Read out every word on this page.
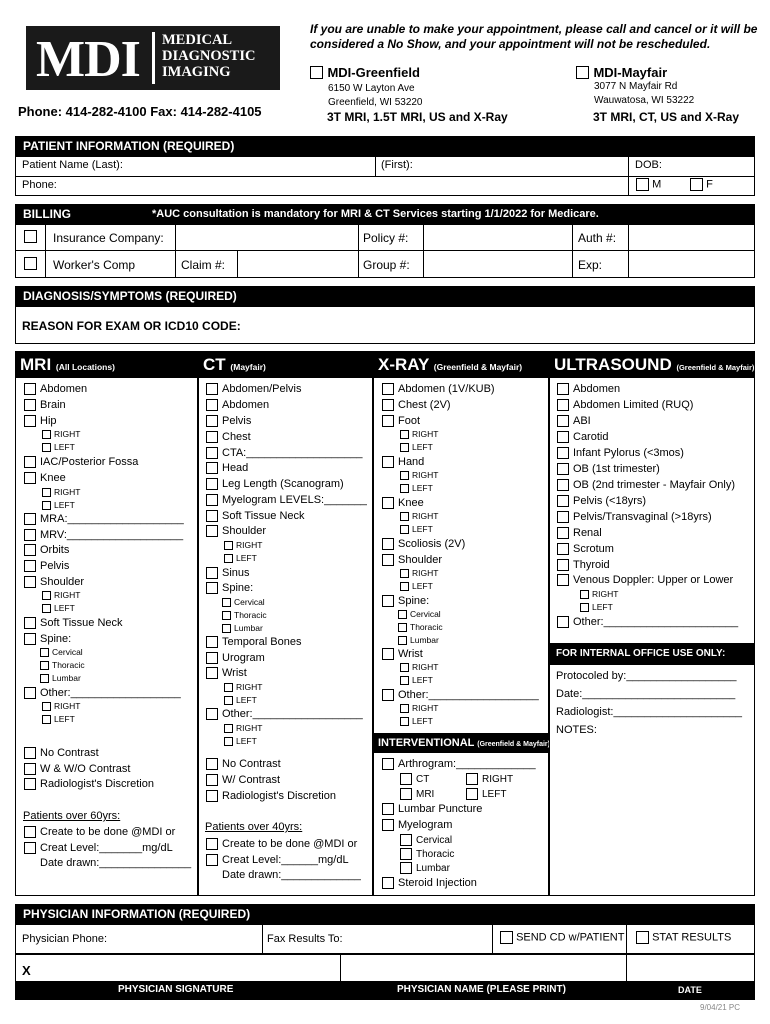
MDI MEDICAL
DIAGNOSTIC
IMAGING
Phone: 414-282-4100 Fax: 414-282-4105
If you are unable to make your appointment, please call and cancel or it will be considered a No Show, and your appointment will not be rescheduled.
MDI-Greenfield
6150 W Layton Ave
Greenfield, WI 53220
3T MRI, 1.5T MRI, US and X-Ray
MDI-Mayfair
3077 N Mayfair Rd
Wauwatosa, WI 53222
3T MRI, CT, US and X-Ray
PATIENT INFORMATION (REQUIRED)
Patient Name (Last):	(First):	DOB:
Phone:	M	F
BILLING	*AUC consultation is mandatory for MRI & CT Services starting 1/1/2022 for Medicare.
Insurance Company:	Policy #:	Auth #:
Worker's Comp	Claim #:	Group #:	Exp:
DIAGNOSIS/SYMPTOMS (REQUIRED)
REASON FOR EXAM OR ICD10 CODE:
MRI (All Locations)
Abdomen
Brain
Hip
RIGHT
LEFT
IAC/Posterior Fossa
Knee
RIGHT
LEFT
MRA:___________________
MRV:___________________
Orbits
Pelvis
Shoulder
RIGHT
LEFT
Soft Tissue Neck
Spine:
Cervical
Thoracic
Lumbar
Other:__________________
RIGHT
LEFT
No Contrast
W & W/O Contrast
Radiologist's Discretion
Patients over 60yrs:
Create to be done @MDI or
Creat Level:_______mg/dL
Date drawn:_______________
CT (Mayfair)
Abdomen/Pelvis
Abdomen
Pelvis
Chest
CTA:___________________
Head
Leg Length (Scanogram)
Myelogram LEVELS:_______
Soft Tissue Neck
Shoulder
RIGHT
LEFT
Sinus
Spine:
Cervical
Thoracic
Lumbar
Temporal Bones
Urogram
Wrist
RIGHT
LEFT
Other:__________________
RIGHT
LEFT
No Contrast
W/ Contrast
Radiologist's Discretion
Patients over 40yrs:
Create to be done @MDI or
Creat Level:______mg/dL
Date drawn:_____________
X-RAY (Greenfield & Mayfair)
Abdomen (1V/KUB)
Chest (2V)
Foot
RIGHT
LEFT
Hand
RIGHT
LEFT
Knee
RIGHT
LEFT
Scoliosis (2V)
Shoulder
RIGHT
LEFT
Spine:
Cervical
Thoracic
Lumbar
Wrist
RIGHT
LEFT
Other:__________________
RIGHT
LEFT
INTERVENTIONAL (Greenfield & Mayfair)
Arthrogram:_____________
CT	RIGHT
MRI	LEFT
Lumbar Puncture
Myelogram
Cervical
Thoracic
Lumbar
Steroid Injection
ULTRASOUND (Greenfield & Mayfair)
Abdomen
Abdomen Limited (RUQ)
ABI
Carotid
Infant Pylorus (<3mos)
OB (1st trimester)
OB (2nd trimester - Mayfair Only)
Pelvis (<18yrs)
Pelvis/Transvaginal (>18yrs)
Renal
Scrotum
Thyroid
Venous Doppler: Upper or Lower
RIGHT
LEFT
Other:______________________
FOR INTERNAL OFFICE USE ONLY:
Protocoled by:__________________
Date:_________________________
Radiologist:_____________________
NOTES:
PHYSICIAN INFORMATION (REQUIRED)
Physician Phone:	Fax Results To:	SEND CD w/PATIENT	STAT RESULTS
X
PHYSICIAN SIGNATURE	PHYSICIAN NAME (PLEASE PRINT)	DATE
9/04/21 PC
